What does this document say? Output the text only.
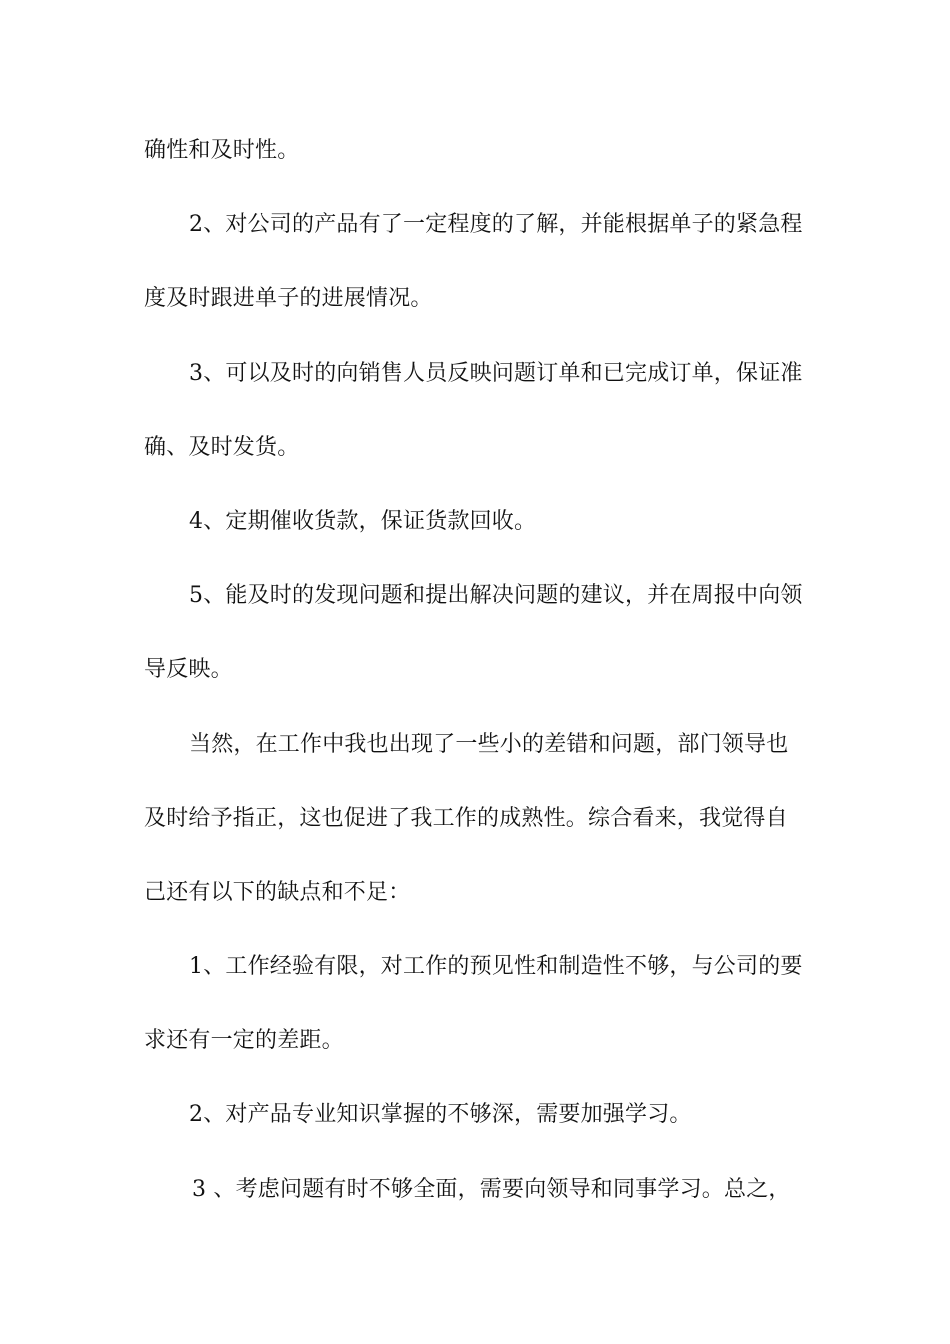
确性和及时性。

2、对公司的产品有了一定程度的了解，并能根据单子的紧急程

度及时跟进单子的进展情况。

3、可以及时的向销售人员反映问题订单和已完成订单，保证准

确、及时发货。

4、定期催收货款，保证货款回收。

5、能及时的发现问题和提出解决问题的建议，并在周报中向领

导反映。

当然，在工作中我也出现了一些小的差错和问题，部门领导也

及时给予指正，这也促进了我工作的成熟性。综合看来，我觉得自

己还有以下的缺点和不足：

1、工作经验有限，对工作的预见性和制造性不够，与公司的要

求还有一定的差距。

2、对产品专业知识掌握的不够深，需要加强学习。

3 、考虑问题有时不够全面，需要向领导和同事学习。总之，
